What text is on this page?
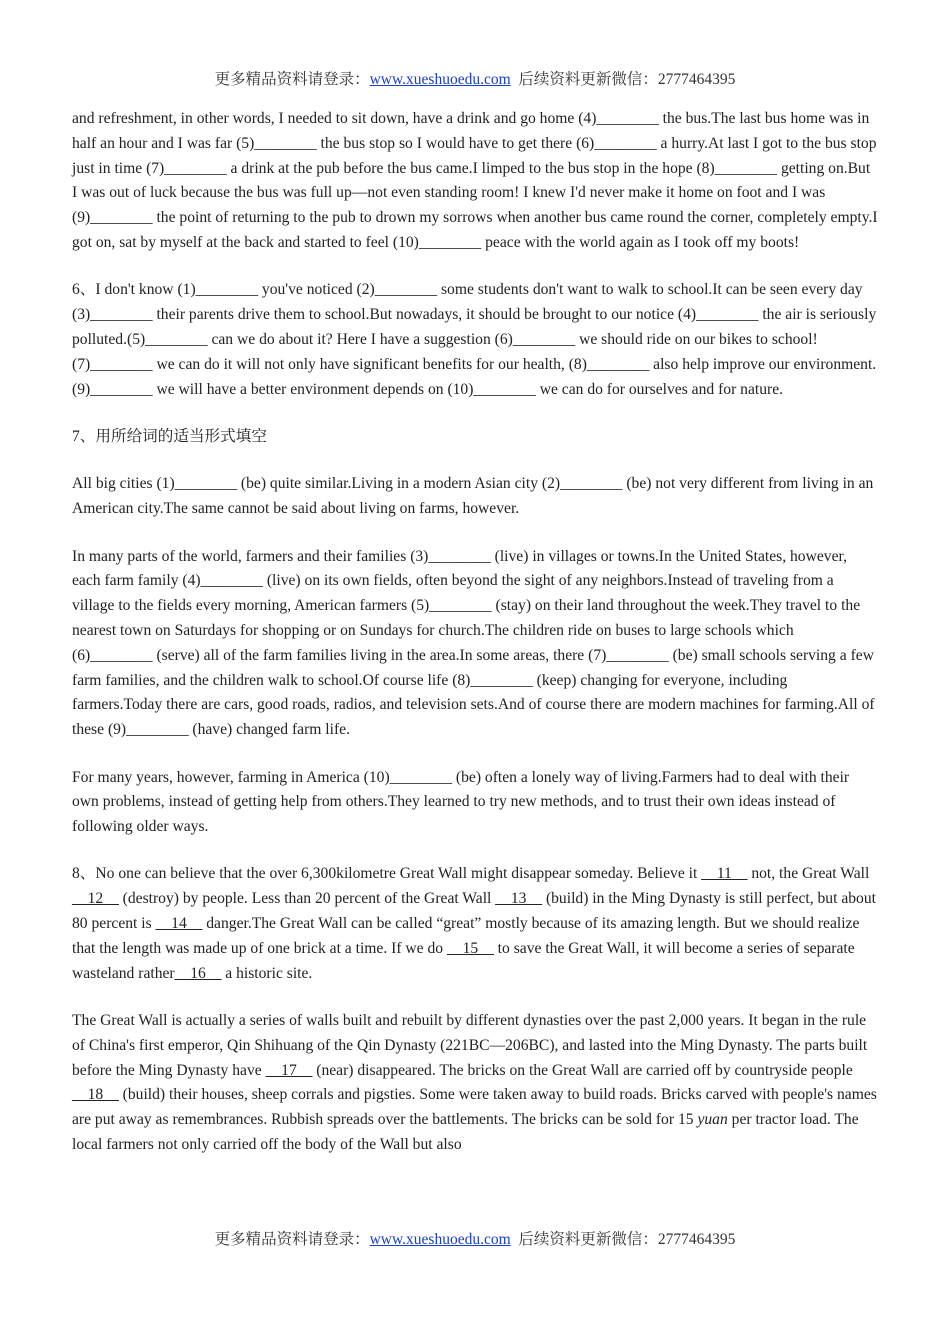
更多精品资料请登录：www.xueshuoedu.com 后续资料更新微信：2777464395

and refreshment, in other words, I needed to sit down, have a drink and go home (4)________ the bus.The last bus home was in half an hour and I was far (5)________ the bus stop so I would have to get there (6)________ a hurry.At last I got to the bus stop just in time (7)________ a drink at the pub before the bus came.I limped to the bus stop in the hope (8)________ getting on.But I was out of luck because the bus was full up—not even standing room! I knew I'd never make it home on foot and I was (9)________ the point of returning to the pub to drown my sorrows when another bus came round the corner, completely empty.I got on, sat by myself at the back and started to feel (10)________ peace with the world again as I took off my boots!

6、I don't know (1)________ you've noticed (2)________ some students don't want to walk to school.It can be seen every day (3)________ their parents drive them to school.But nowadays, it should be brought to our notice (4)________ the air is seriously polluted.(5)________ can we do about it? Here I have a suggestion (6)________ we should ride on our bikes to school! (7)________ we can do it will not only have significant benefits for our health, (8)________ also help improve our environment.(9)________ we will have a better environment depends on (10)________ we can do for ourselves and for nature.

7、用所给词的适当形式填空

All big cities (1)________ (be) quite similar.Living in a modern Asian city (2)________ (be) not very different from living in an American city.The same cannot be said about living on farms, however.

In many parts of the world, farmers and their families (3)________ (live) in villages or towns.In the United States, however, each farm family (4)________ (live) on its own fields, often beyond the sight of any neighbors.Instead of traveling from a village to the fields every morning, American farmers (5)________ (stay) on their land throughout the week.They travel to the nearest town on Saturdays for shopping or on Sundays for church.The children ride on buses to large schools which (6)________ (serve) all of the farm families living in the area.In some areas, there (7)________ (be) small schools serving a few farm families, and the children walk to school.Of course life (8)________ (keep) changing for everyone, including farmers.Today there are cars, good roads, radios, and television sets.And of course there are modern machines for farming.All of these (9)________ (have) changed farm life.

For many years, however, farming in America (10)________ (be) often a lonely way of living.Farmers had to deal with their own problems, instead of getting help from others.They learned to try new methods, and to trust their own ideas instead of following older ways.

8、No one can believe that the over 6,300kilometre Great Wall might disappear someday. Believe it __11__ not, the Great Wall __12__ (destroy) by people. Less than 20 percent of the Great Wall __13__ (build) in the Ming Dynasty is still perfect, but about 80 percent is __14__ danger.The Great Wall can be called “great” mostly because of its amazing length. But we should realize that the length was made up of one brick at a time. If we do __15__ to save the Great Wall, it will become a series of separate wasteland rather__16__ a historic site.

The Great Wall is actually a series of walls built and rebuilt by different dynasties over the past 2,000 years. It began in the rule of China's first emperor, Qin Shihuang of the Qin Dynasty (221BC—206BC), and lasted into the Ming Dynasty. The parts built before the Ming Dynasty have __17__ (near) disappeared. The bricks on the Great Wall are carried off by countryside people __18__ (build) their houses, sheep corrals and pigsties. Some were taken away to build roads. Bricks carved with people's names are put away as remembrances. Rubbish spreads over the battlements. The bricks can be sold for 15 yuan per tractor load. The local farmers not only carried off the body of the Wall but also

更多精品资料请登录：www.xueshuoedu.com 后续资料更新微信：2777464395
